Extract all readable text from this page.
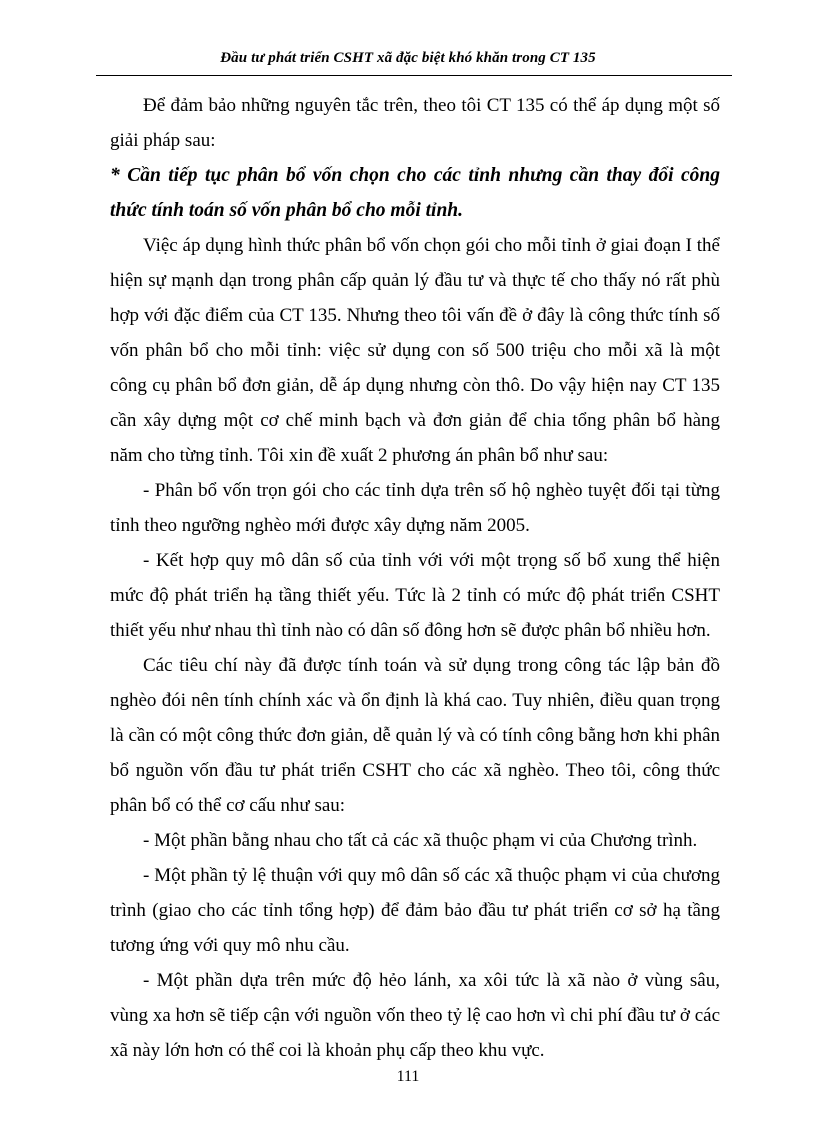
Đầu tư phát triển CSHT xã đặc biệt khó khăn trong CT 135

Để đảm bảo những nguyên tắc trên, theo tôi CT 135 có thể áp dụng một số giải pháp sau:

* Cần tiếp tục phân bổ vốn chọn cho các tỉnh nhưng cần thay đổi công thức tính toán số vốn phân bổ cho mỗi tỉnh.

Việc áp dụng hình thức phân bổ vốn chọn gói cho mỗi tỉnh ở giai đoạn I thể hiện sự mạnh dạn trong phân cấp quản lý đầu tư và thực tế cho thấy nó rất phù hợp với đặc điểm của CT 135. Nhưng theo tôi vấn đề ở đây là công thức tính số vốn phân bổ cho mỗi tỉnh: việc sử dụng con số 500 triệu cho mỗi xã là một công cụ phân bổ đơn giản, dễ áp dụng nhưng còn thô. Do vậy hiện nay CT 135 cần xây dựng một cơ chế minh bạch và đơn giản để chia tổng phân bổ hàng năm cho từng tỉnh. Tôi xin đề xuất 2 phương án phân bổ như sau:

- Phân bổ vốn trọn gói cho các tỉnh dựa trên số hộ nghèo tuyệt đối tại từng tỉnh theo ngưỡng nghèo mới được xây dựng năm 2005.

- Kết hợp quy mô dân số của tỉnh với với một trọng số bổ xung thể hiện mức độ phát triển hạ tầng thiết yếu. Tức là 2 tỉnh có mức độ phát triển CSHT thiết yếu như nhau thì tỉnh nào có dân số đông hơn sẽ được phân bổ nhiều hơn.

Các tiêu chí này đã được tính toán và sử dụng trong công tác lập bản đồ nghèo đói nên tính chính xác và ổn định là khá cao. Tuy nhiên, điều quan trọng là cần có một công thức đơn giản, dễ quản lý và có tính công bằng hơn khi phân bổ nguồn vốn đầu tư phát triển CSHT cho các xã nghèo. Theo tôi, công thức phân bổ có thể cơ cấu như sau:

- Một phần bằng nhau cho tất cả các xã thuộc phạm vi của Chương trình.

- Một phần tỷ lệ thuận với quy mô dân số các xã thuộc phạm vi của chương trình (giao cho các tỉnh tổng hợp) để đảm bảo đầu tư phát triển cơ sở hạ tầng tương ứng với quy mô nhu cầu.

- Một phần dựa trên mức độ hẻo lánh, xa xôi tức là xã nào ở vùng sâu, vùng xa hơn sẽ tiếp cận với nguồn vốn theo tỷ lệ cao hơn vì chi phí đầu tư ở các xã này lớn hơn có thể coi là khoản phụ cấp theo khu vực.

111
